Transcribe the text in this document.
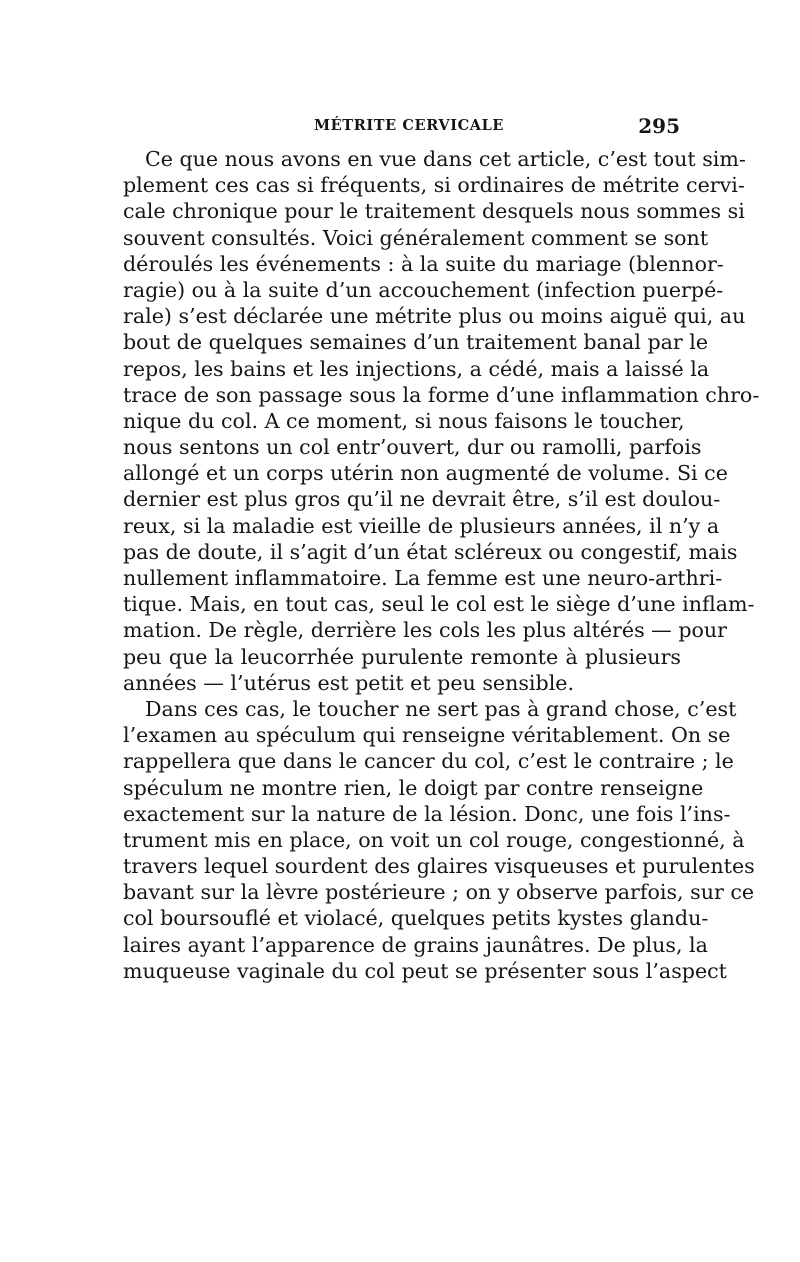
MÉTRITE CERVICALE	295
Ce que nous avons en vue dans cet article, c’est tout sim-
plement ces cas si fréquents, si ordinaires de métrite cervi-
cale chronique pour le traitement desquels nous sommes si
souvent consultés. Voici généralement comment se sont
déroulés les événements : à la suite du mariage (blennor-
ragie) ou à la suite d’un accouchement (infection puerpé-
rale) s’est déclarée une métrite plus ou moins aiguë qui, au
bout de quelques semaines d’un traitement banal par le
repos, les bains et les injections, a cédé, mais a laissé la
trace de son passage sous la forme d’une inflammation chro-
nique du col. A ce moment, si nous faisons le toucher,
nous sentons un col entr’ouvert, dur ou ramolli, parfois
allongé et un corps utérin non augmenté de volume. Si ce
dernier est plus gros qu’il ne devrait être, s’il est doulou-
reux, si la maladie est vieille de plusieurs années, il n’y a
pas de doute, il s’agit d’un état scléreux ou congestif, mais
nullement inflammatoire. La femme est une neuro-arthri-
tique. Mais, en tout cas, seul le col est le siège d’une inflam-
mation. De règle, derrière les cols les plus altérés — pour
peu que la leucorrhée purulente remonte à plusieurs
années — l’utérus est petit et peu sensible.
Dans ces cas, le toucher ne sert pas à grand chose, c’est
l’examen au spéculum qui renseigne véritablement. On se
rappellera que dans le cancer du col, c’est le contraire ; le
spéculum ne montre rien, le doigt par contre renseigne
exactement sur la nature de la lésion. Donc, une fois l’ins-
trument mis en place, on voit un col rouge, congestionné, à
travers lequel sourdent des glaires visqueuses et purulentes
bavant sur la lèvre postérieure ; on y observe parfois, sur ce
col boursouflé et violacé, quelques petits kystes glandu-
laires ayant l’apparence de grains jaunâtres. De plus, la
muqueuse vaginale du col peut se présenter sous l’aspect
